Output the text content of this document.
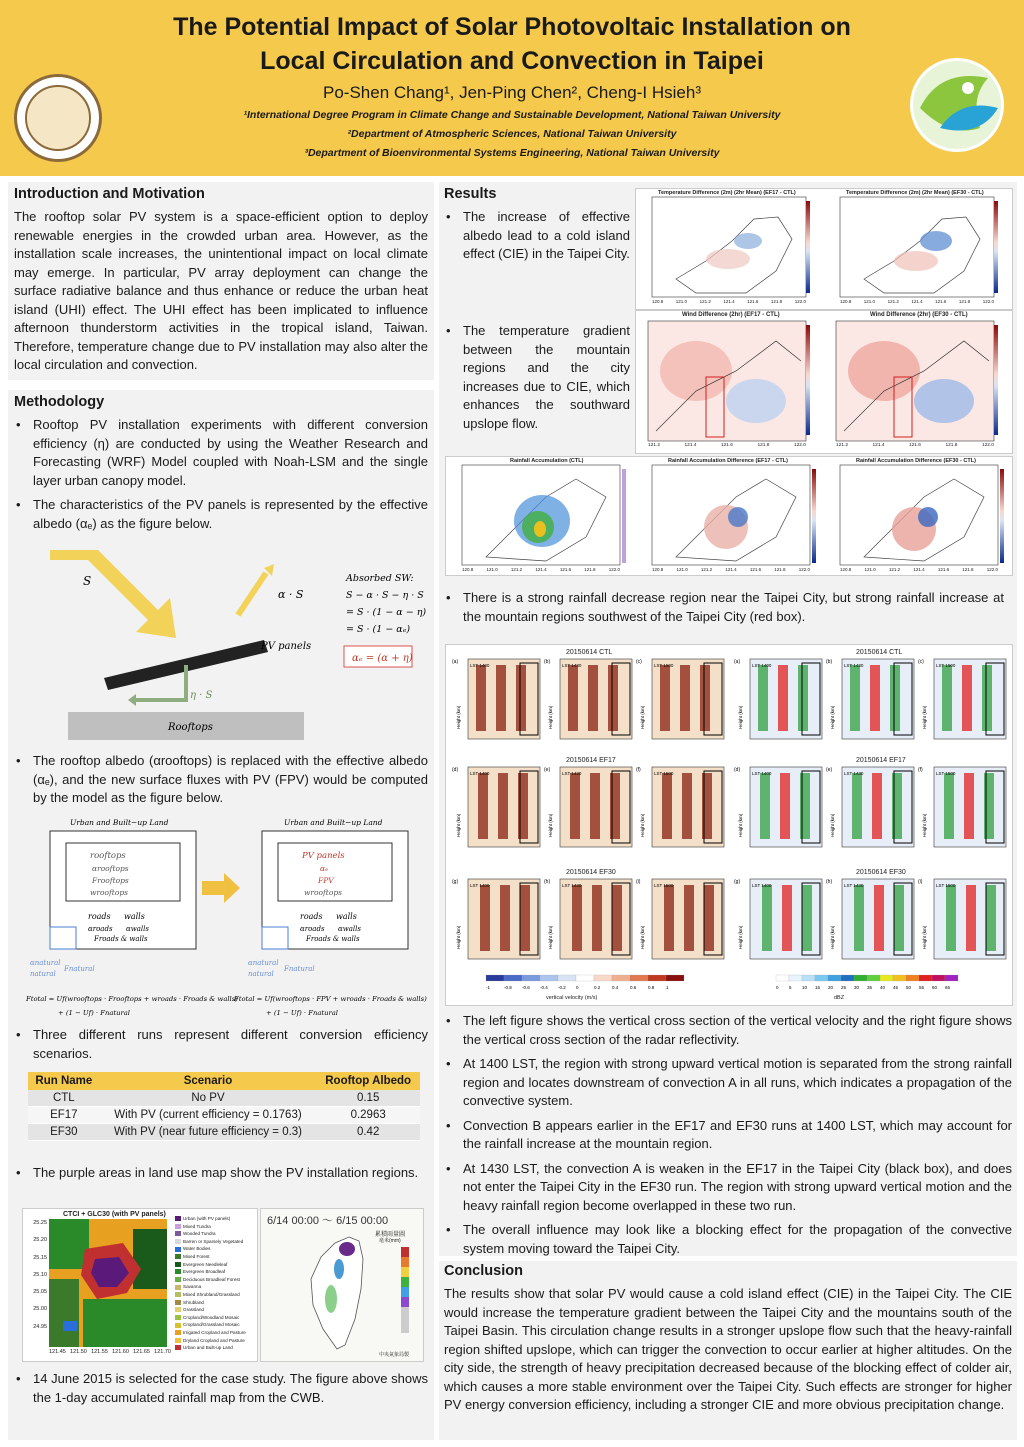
The Potential Impact of Solar Photovoltaic Installation on
Local Circulation and Convection in Taipei
Po-Shen Chang¹, Jen-Ping Chen², Cheng-I Hsieh³
¹International Degree Program in Climate Change and Sustainable Development, National Taiwan University
²Department of Atmospheric Sciences, National Taiwan University
³Department of Bioenvironmental Systems Engineering, National Taiwan University
Introduction and Motivation

The rooftop solar PV system is a space-efficient option to deploy renewable energies in the crowded urban area. However, as the installation scale increases, the unintentional impact on local climate may emerge. In particular, PV array deployment can change the surface radiative balance and thus enhance or reduce the urban heat island (UHI) effect. The UHI effect has been implicated to influence afternoon thunderstorm activities in the tropical island, Taiwan. Therefore, temperature change due to PV installation may also alter the local circulation and convection.

Methodology
• Rooftop PV installation experiments with different conversion efficiency (η) are conducted by using the Weather Research and Forecasting (WRF) Model coupled with Noah-LSM and the single layer urban canopy model.
• The characteristics of the PV panels is represented by the effective albedo (αₑ) as the figure below.
S
α · S
PV panels
η · S
Rooftops
Absorbed SW:
S − α · S − η · S
= S · (1 − α − η)
= S · (1 − αₑ)
αₑ = (α + η)
• The rooftop albedo (αrooftops) is replaced with the effective albedo (αₑ), and the new surface fluxes with PV (FPV) would be computed by the model as the figure below.
Urban and Built−up Land
rooftops
αrooftops
Frooftops
wrooftops
roads walls
αroads αwalls
Froads & walls
αnatural
natural
Fnatural
Urban and Built−up Land
PV panels
αₑ
FPV
wrooftops
roads walls
αroads αwalls
Froads & walls
αnatural
natural
Fnatural
Ftotal = Uf(wrooftops · Frooftops + wroads · Froads & walls)
+ (1 − Uf) · Fnatural
Ftotal = Uf(wrooftops · FPV + wroads · Froads & walls)
+ (1 − Uf) · Fnatural
• Three different runs represent different conversion efficiency scenarios.
Run Name	Scenario	Rooftop Albedo
CTL	No PV	0.15
EF17	With PV (current efficiency = 0.1763)	0.2963
EF30	With PV (near future efficiency = 0.3)	0.42
• The purple areas in land use map show the PV installation regions.
CTCI + GLC30 (with PV panels)
25.25
25.20
25.15
25.10
25.05
25.00
24.95
121.45 121.50 121.55 121.60 121.65 121.70
Urban (with PV panels)
Mixed Tundra
Wooded Tundra
Barren or Sparsely Vegetated
Water Bodies
Mixed Forest
Evergreen Needleleaf
Evergreen Broadleaf
Deciduous Broadleaf Forest
Savanna
Mixed Shrubland/Grassland
Shrubland
Grassland
Cropland/Woodland Mosaic
Cropland/Grassland Mosaic
Irrigated Cropland and Pasture
Dryland Cropland and Pasture
Urban and Built-up Land
6/14 00:00 ～ 6/15 00:00
累積雨量圖
毫米(mm)
中央氣象局製
• 14 June 2015 is selected for the case study. The figure above shows the 1-day accumulated rainfall map from the CWB.
Results
• The increase of effective albedo lead to a cold island effect (CIE) in the Taipei City.
• The temperature gradient between the mountain regions and the city increases due to CIE, which enhances the southward upslope flow.
Temperature Difference (2m) (2hr Mean) (EF17 - CTL)	Temperature Difference (2m) (2hr Mean) (EF30 - CTL)
120.8	121.0	121.2	121.4	121.6	121.8	122.0	120.8	121.0	121.2	121.4	121.6	121.8	122.0
Wind Difference (2hr) (EF17 - CTL)	Wind Difference (2hr) (EF30 - CTL)
121.2	121.4	121.6	121.8	122.0	121.2	121.4	121.6	121.8	122.0
Rainfall Accumulation (CTL)	Rainfall Accumulation Difference (EF17 - CTL)	Rainfall Accumulation Difference (EF30 - CTL)
120.8	121.0	121.2	121.4	121.6	121.8	122.0	120.8	121.0	121.2	121.4	121.6	121.8	122.0	120.8	121.0	121.2	121.4	121.6	121.8	122.0
• There is a strong rainfall decrease region near the Taipei City, but strong rainfall increase at the mountain regions southwest of the Taipei City (red box).
20150614 CTL	20150614 CTL
20150614 EF17	20150614 EF17
20150614 EF30	20150614 EF30
(a)
LST 1400
Height (km)
(a)
LST 1400
Height (km)
(b)
LST 1430
Height (km)
(b)
LST 1430
Height (km)
(c)
LST 1500
Height (km)
(c)
LST 1500
Height (km)
(d)
LST 1400
Height (km)
(d)
LST 1400
Height (km)
(e)
LST 1430
Height (km)
(e)
LST 1430
Height (km)
(f)
LST 1500
Height (km)
(f)
LST 1500
Height (km)
(g)
LST 1400
Height (km)
(g)
LST 1400
Height (km)
(h)
LST 1430
Height (km)
(h)
LST 1430
Height (km)
(i)
LST 1500
Height (km)
(i)
LST 1500
Height (km)
-1	-0.8 -0.6 -0.4 -0.2 0	0.2	0.4	0.6	0.8	1	0 5 10 15 20 25 30 35 40 45 50 55 60 65
vertical velocity (m/s)	dBZ
• The left figure shows the vertical cross section of the vertical velocity and the right figure shows the vertical cross section of the radar reflectivity.
• At 1400 LST, the region with strong upward vertical motion is separated from the strong rainfall region and locates downstream of convection A in all runs, which indicates a propagation of the convective system.
• Convection B appears earlier in the EF17 and EF30 runs at 1400 LST, which may account for the rainfall increase at the mountain region.
• At 1430 LST, the convection A is weaken in the EF17 in the Taipei City (black box), and does not enter the Taipei City in the EF30 run. The region with strong upward vertical motion and the heavy rainfall region become overlapped in these two run.
• The overall influence may look like a blocking effect for the propagation of the convective system moving toward the Taipei City.
Conclusion

The results show that solar PV would cause a cold island effect (CIE) in the Taipei City. The CIE would increase the temperature gradient between the Taipei City and the mountains south of the Taipei Basin. This circulation change results in a stronger upslope flow such that the heavy-rainfall region shifted upslope, which can trigger the convection to occur earlier at higher altitudes. On the city side, the strength of heavy precipitation decreased because of the blocking effect of colder air, which causes a more stable environment over the Taipei City. Such effects are stronger for higher PV energy conversion efficiency, including a stronger CIE and more obvious precipitation change.
